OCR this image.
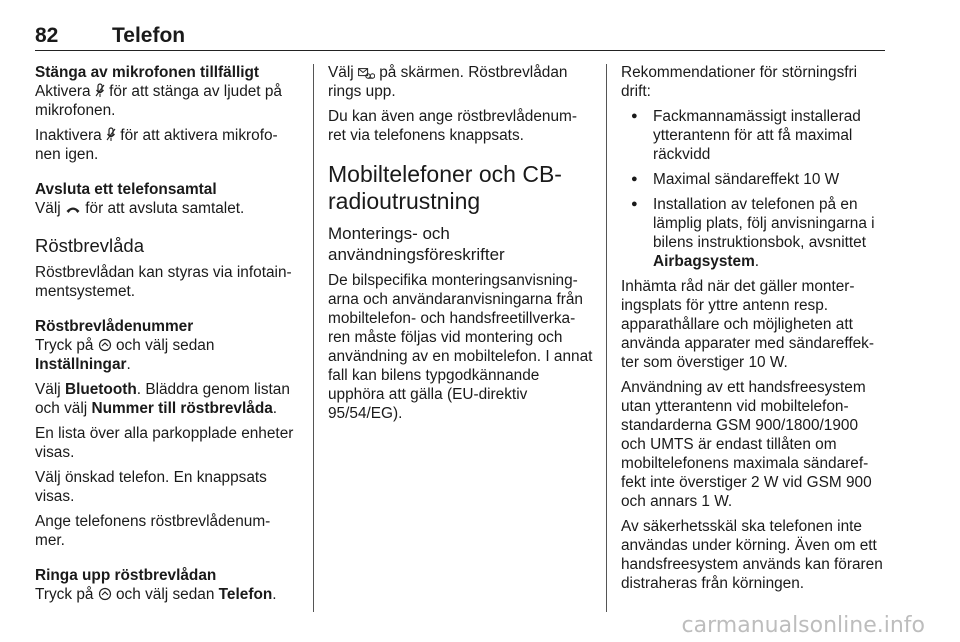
82	Telefon
Stänga av mikrofonen tillfälligt

Aktivera  för att stänga av ljudet på mikrofonen.

Inaktivera  för att aktivera mikrofo-nen igen.

Avsluta ett telefonsamtal

Välj  för att avsluta samtalet.

Röstbrevlåda

Röstbrevlådan kan styras via infotain-mentsystemet.

Röstbrevlådenummer

Tryck på  och välj sedan Inställningar.

Välj Bluetooth. Bläddra genom listan och välj Nummer till röstbrevlåda.

En lista över alla parkopplade enheter visas.

Välj önskad telefon. En knappsats visas.

Ange telefonens röstbrevlådenum-mer.

Ringa upp röstbrevlådan

Tryck på  och välj sedan Telefon.

Välj  på skärmen. Röstbrevlådan rings upp.

Du kan även ange röstbrevlådenum-ret via telefonens knappsats.

Mobiltelefoner och CB-radioutrustning
Monterings- och användningsföreskrifter

De bilspecifika monteringsanvisning-arna och användaranvisningarna från mobiltelefon- och handsfreetillverka-ren måste följas vid montering och användning av en mobiltelefon. I annat fall kan bilens typgodkännande upphöra att gälla (EU-direktiv 95/54/EG).

Rekommendationer för störningsfri drift:

● Fackmannamässigt installerad ytterantenn för att få maximal räckvidd
● Maximal sändareffekt 10 W
● Installation av telefonen på en lämplig plats, följ anvisningarna i bilens instruktionsbok, avsnittet Airbagsystem.

Inhämta råd när det gäller monter-ingsplats för yttre antenn resp. apparathållare och möjligheten att använda apparater med sändareffek-ter som överstiger 10 W.

Användning av ett handsfreesystem utan ytterantenn vid mobiltelefon-standarderna GSM 900/1800/1900 och UMTS är endast tillåten om mobiltelefonens maximala sändaref-fekt inte överstiger 2 W vid GSM 900 och annars 1 W.

Av säkerhetsskäl ska telefonen inte användas under körning. Även om ett handsfreesystem används kan föraren distraheras från körningen.

carmanualsonline.info
